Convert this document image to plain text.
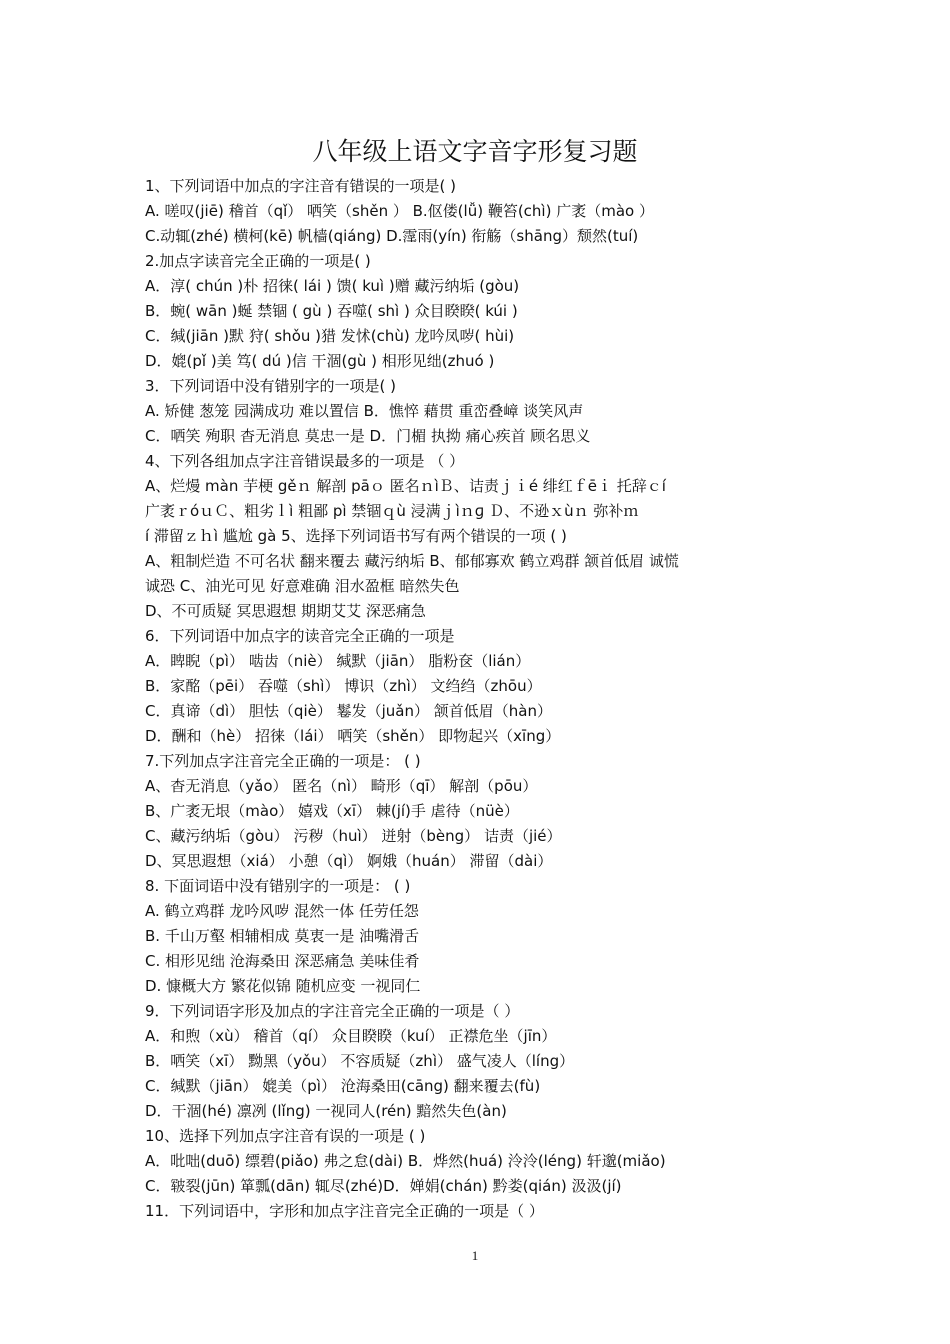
八年级上语文字音字形复习题
1、下列词语中加点的字注音有错误的一项是( )
A. 嗟叹(jiē) 稽首（qǐ） 哂笑（shěn ） B.伛偻(lǚ) 鞭笞(chì) 广袤（mào ）
C.动辄(zhé) 横柯(kē) 帆樯(qiáng) D.霪雨(yín) 衔觞（shāng）颓然(tuí)
2.加点字读音完全正确的一项是( )
A．淳( chún )朴 招徕( lái ) 馈( kuì )赠 藏污纳垢 (gòu)
B．蜿( wān )蜒 禁锢 ( gù ) 吞噬( shì ) 众目睽睽( kúi )
C．缄(jiān )默 狩( shǒu )猎 发怵(chù) 龙吟凤哕( hùi)
D．媲(pǐ )美 笃( dú )信 干涸(gù ) 相形见绌(zhuó )
3．下列词语中没有错别字的一项是( )
A. 矫健 葱笼 园满成功 难以置信 B．憔悴 藉贯 重峦叠嶂 谈笑风声
C．哂笑 殉职 杳无消息 莫忠一是 D．门楣 执拗 痛心疾首 顾名思义
4、下列各组加点字注音错误最多的一项是 （ ）
A、烂熳 màn 芋梗 gěｎ 解剖 pāｏ 匿名ｎìＢ、诘责ｊｉé 绯红ｆēｉ 托辞ｃí
广袤ｒóｕＣ、粗劣ｌì 粗鄙 pì 禁锢ｑù 浸满ｊìｎɡ Ｄ、不逊ｘùｎ 弥补ｍ
í 滞留ｚｈì 尴尬 gà 5、选择下列词语书写有两个错误的一项 ( )
A、粗制烂造 不可名状 翻来覆去 藏污纳垢 B、郁郁寡欢 鹤立鸡群 颔首低眉 诚慌
诚恐 C、油光可见 好意难确 泪水盈框 暗然失色
D、不可质疑 冥思遐想 期期艾艾 深恶痛急
6．下列词语中加点字的读音完全正确的一项是
A．睥睨（pì） 啮齿（niè） 缄默（jiān） 脂粉奁（lián）
B．家酩（pēi） 吞噬（shì） 博识（zhì） 文绉绉（zhōu）
C．真谛（dì） 胆怯（qiè） 鬈发（juǎn） 颔首低眉（hàn）
D．酬和（hè） 招徕（lái） 哂笑（shěn） 即物起兴（xīng）
7.下列加点字注音完全正确的一项是： ( )
A、杳无消息（yǎo） 匿名（nì） 畸形（qī） 解剖（pōu）
B、广袤无垠（mào） 嬉戏（xī） 棘(jí)手 虐待（nüè）
C、藏污纳垢（gòu） 污秽（huì） 迸射（bèng） 诘责（jié）
D、冥思遐想（xiá） 小憩（qì） 婀娥（huán） 滞留（dài）
8. 下面词语中没有错别字的一项是： ( )
A. 鹤立鸡群 龙吟风哕 混然一体 任劳任怨
B. 千山万壑 相辅相成 莫衷一是 油嘴滑舌
C. 相形见绌 沧海桑田 深恶痛急 美味佳肴
D. 慷概大方 繁花似锦 随机应变 一视同仁
9．下列词语字形及加点的字注音完全正确的一项是（ ）
A．和煦（xù） 稽首（qí） 众目睽睽（kuí） 正襟危坐（jīn）
B．哂笑（xī） 黝黑（yǒu） 不容质疑（zhì） 盛气凌人（líng）
C．缄默（jiān） 媲美（pì） 沧海桑田(cāng) 翻来覆去(fù)
D．干涸(hé) 凛冽 (lǐng) 一视同人(rén) 黯然失色(àn)
10、选择下列加点字注音有误的一项是 ( )
A．吡咄(duō) 缥碧(piǎo) 弗之怠(dài) B．烨然(huá) 泠泠(léng) 轩邈(miǎo)
C．皲裂(jūn) 箪瓢(dān) 辄尽(zhé)D．婵娟(chán) 黔娄(qián) 汲汲(jí)
11．下列词语中，字形和加点字注音完全正确的一项是（ ）
1
